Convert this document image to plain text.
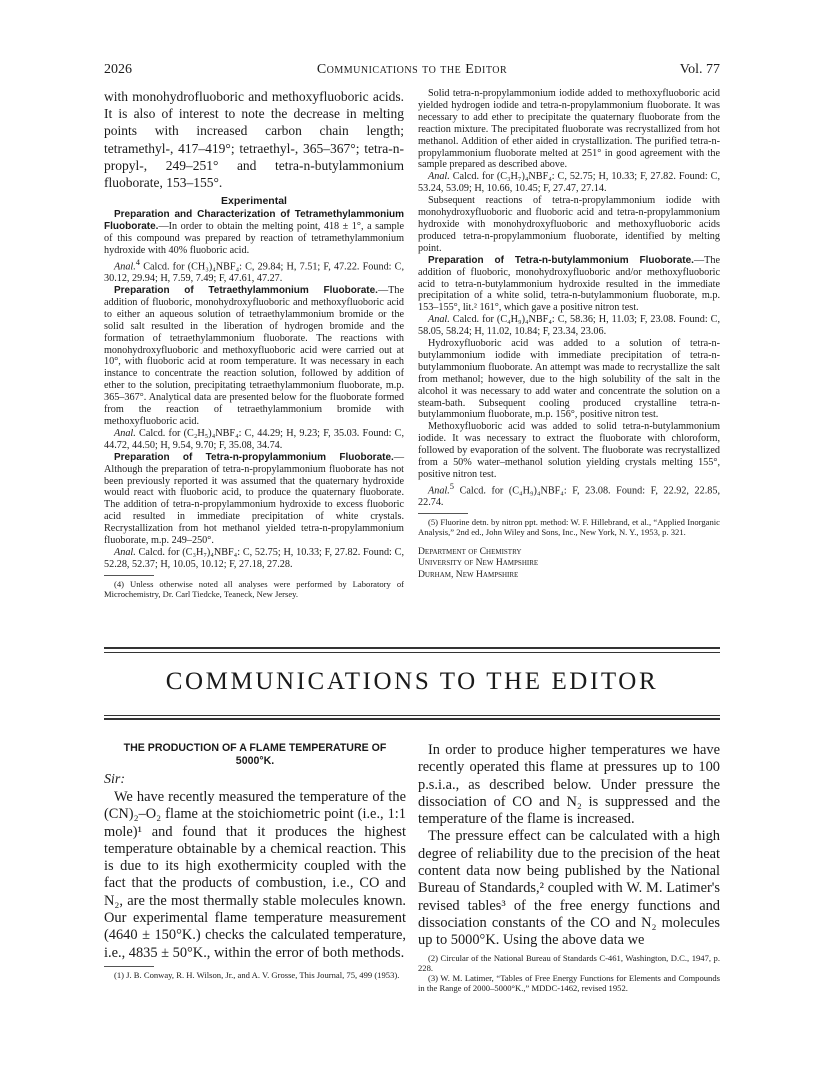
2026	Communications to the Editor	Vol. 77

with monohydrofluoboric and methoxyfluoboric acids. It is also of interest to note the decrease in melting points with increased carbon chain length; tetramethyl-, 417–419°; tetraethyl-, 365–367°; tetra-n-propyl-, 249–251° and tetra-n-butylammonium fluoborate, 153–155°.

Experimental

Preparation and Characterization of Tetramethylammonium Fluoborate.—In order to obtain the melting point, 418 ± 1°, a sample of this compound was prepared by reaction of tetramethylammonium hydroxide with 40% fluoboric acid.

Anal.$^4$ Calcd. for (CH₃)₄NBF₄: C, 29.84; H, 7.51; F, 47.22. Found: C, 30.12, 29.94; H, 7.59, 7.49; F, 47.61, 47.27.

Preparation of Tetraethylammonium Fluoborate.—The addition of fluoboric, monohydroxyfluoboric and methoxyfluoboric acid to either an aqueous solution of tetraethylammonium bromide or the solid salt resulted in the liberation of hydrogen bromide and the formation of tetraethylammonium fluoborate. The reactions with monohydroxyfluoboric and methoxyfluoboric acid were carried out at 10°, with fluoboric acid at room temperature. It was necessary in each instance to concentrate the reaction solution, followed by addition of ether to the solution, precipitating tetraethylammonium fluoborate, m.p. 365–367°. Analytical data are presented below for the fluoborate formed from the reaction of tetraethylammonium bromide with methoxyfluoboric acid.

Anal. Calcd. for (C₂H₅)₄NBF₄: C, 44.29; H, 9.23; F, 35.03. Found: C, 44.72, 44.50; H, 9.54, 9.70; F, 35.08, 34.74.

Preparation of Tetra-n-propylammonium Fluoborate.—Although the preparation of tetra-n-propylammonium fluoborate has not been previously reported it was assumed that the quaternary hydroxide would react with fluoboric acid, to produce the quaternary fluoborate. The addition of tetra-n-propylammonium hydroxide to excess fluoboric acid resulted in immediate precipitation of white crystals. Recrystallization from hot methanol yielded tetra-n-propylammonium fluoborate, m.p. 249–250°.

Anal. Calcd. for (C₃H₇)₄NBF₄: C, 52.75; H, 10.33; F, 27.82. Found: C, 52.28, 52.37; H, 10.05, 10.12; F, 27.18, 27.28.

(4) Unless otherwise noted all analyses were performed by Laboratory of Microchemistry, Dr. Carl Tiedcke, Teaneck, New Jersey.

Solid tetra-n-propylammonium iodide added to methoxyfluoboric acid yielded hydrogen iodide and tetra-n-propylammonium fluoborate. It was necessary to add ether to precipitate the quaternary fluoborate from the reaction mixture. The precipitated fluoborate was recrystallized from hot methanol. Addition of ether aided in crystallization. The purified tetra-n-propylammonium fluoborate melted at 251° in good agreement with the sample prepared as described above.

Anal. Calcd. for (C₃H₇)₄NBF₄: C, 52.75; H, 10.33; F, 27.82. Found: C, 53.24, 53.09; H, 10.66, 10.45; F, 27.47, 27.14.

Subsequent reactions of tetra-n-propylammonium iodide with monohydroxyfluoboric and fluoboric acid and tetra-n-propylammonium hydroxide with monohydroxyfluoboric and methoxyfluoboric acids produced tetra-n-propylammonium fluoborate, identified by melting point.

Preparation of Tetra-n-butylammonium Fluoborate.—The addition of fluoboric, monohydroxyfluoboric and/or methoxyfluoboric acid to tetra-n-butylammonium hydroxide resulted in the immediate precipitation of a white solid, tetra-n-butylammonium fluoborate, m.p. 153–155°, lit.² 161°, which gave a positive nitron test.

Anal. Calcd. for (C₄H₉)₄NBF₄: C, 58.36; H, 11.03; F, 23.08. Found: C, 58.05, 58.24; H, 11.02, 10.84; F, 23.34, 23.06.

Hydroxyfluoboric acid was added to a solution of tetra-n-butylammonium iodide with immediate precipitation of tetra-n-butylammonium fluoborate. An attempt was made to recrystallize the salt from methanol; however, due to the high solubility of the salt in the alcohol it was necessary to add water and concentrate the solution on a steam-bath. Subsequent cooling produced crystalline tetra-n-butylammonium fluoborate, m.p. 156°, positive nitron test.

Methoxyfluoboric acid was added to solid tetra-n-butylammonium iodide. It was necessary to extract the fluoborate with chloroform, followed by evaporation of the solvent. The fluoborate was recrystallized from a 50% water–methanol solution yielding crystals melting 155°, positive nitron test.

Anal.$^5$ Calcd. for (C₄H₉)₄NBF₄: F, 23.08. Found: F, 22.92, 22.85, 22.74.

(5) Fluorine detn. by nitron ppt. method: W. F. Hillebrand, et al., “Applied Inorganic Analysis,” 2nd ed., John Wiley and Sons, Inc., New York, N. Y., 1953, p. 321.

Department of Chemistry
University of New Hampshire
Durham, New Hampshire
COMMUNICATIONS TO THE EDITOR

THE PRODUCTION OF A FLAME TEMPERATURE OF 5000°K.

Sir:

We have recently measured the temperature of the (CN)₂–O₂ flame at the stoichiometric point (i.e., 1:1 mole)¹ and found that it produces the highest temperature obtainable by a chemical reaction. This is due to its high exothermicity coupled with the fact that the products of combustion, i.e., CO and N₂, are the most thermally stable molecules known. Our experimental flame temperature measurement (4640 ± 150°K.) checks the calculated temperature, i.e., 4835 ± 50°K., within the error of both methods.

(1) J. B. Conway, R. H. Wilson, Jr., and A. V. Grosse, This Journal, 75, 499 (1953).

In order to produce higher temperatures we have recently operated this flame at pressures up to 100 p.s.i.a., as described below. Under pressure the dissociation of CO and N₂ is suppressed and the temperature of the flame is increased.

The pressure effect can be calculated with a high degree of reliability due to the precision of the heat content data now being published by the National Bureau of Standards,² coupled with W. M. Latimer's revised tables³ of the free energy functions and dissociation constants of the CO and N₂ molecules up to 5000°K. Using the above data we

(2) Circular of the National Bureau of Standards C-461, Washington, D.C., 1947, p. 228.

(3) W. M. Latimer, “Tables of Free Energy Functions for Elements and Compounds in the Range of 2000–5000°K.,” MDDC-1462, revised 1952.
